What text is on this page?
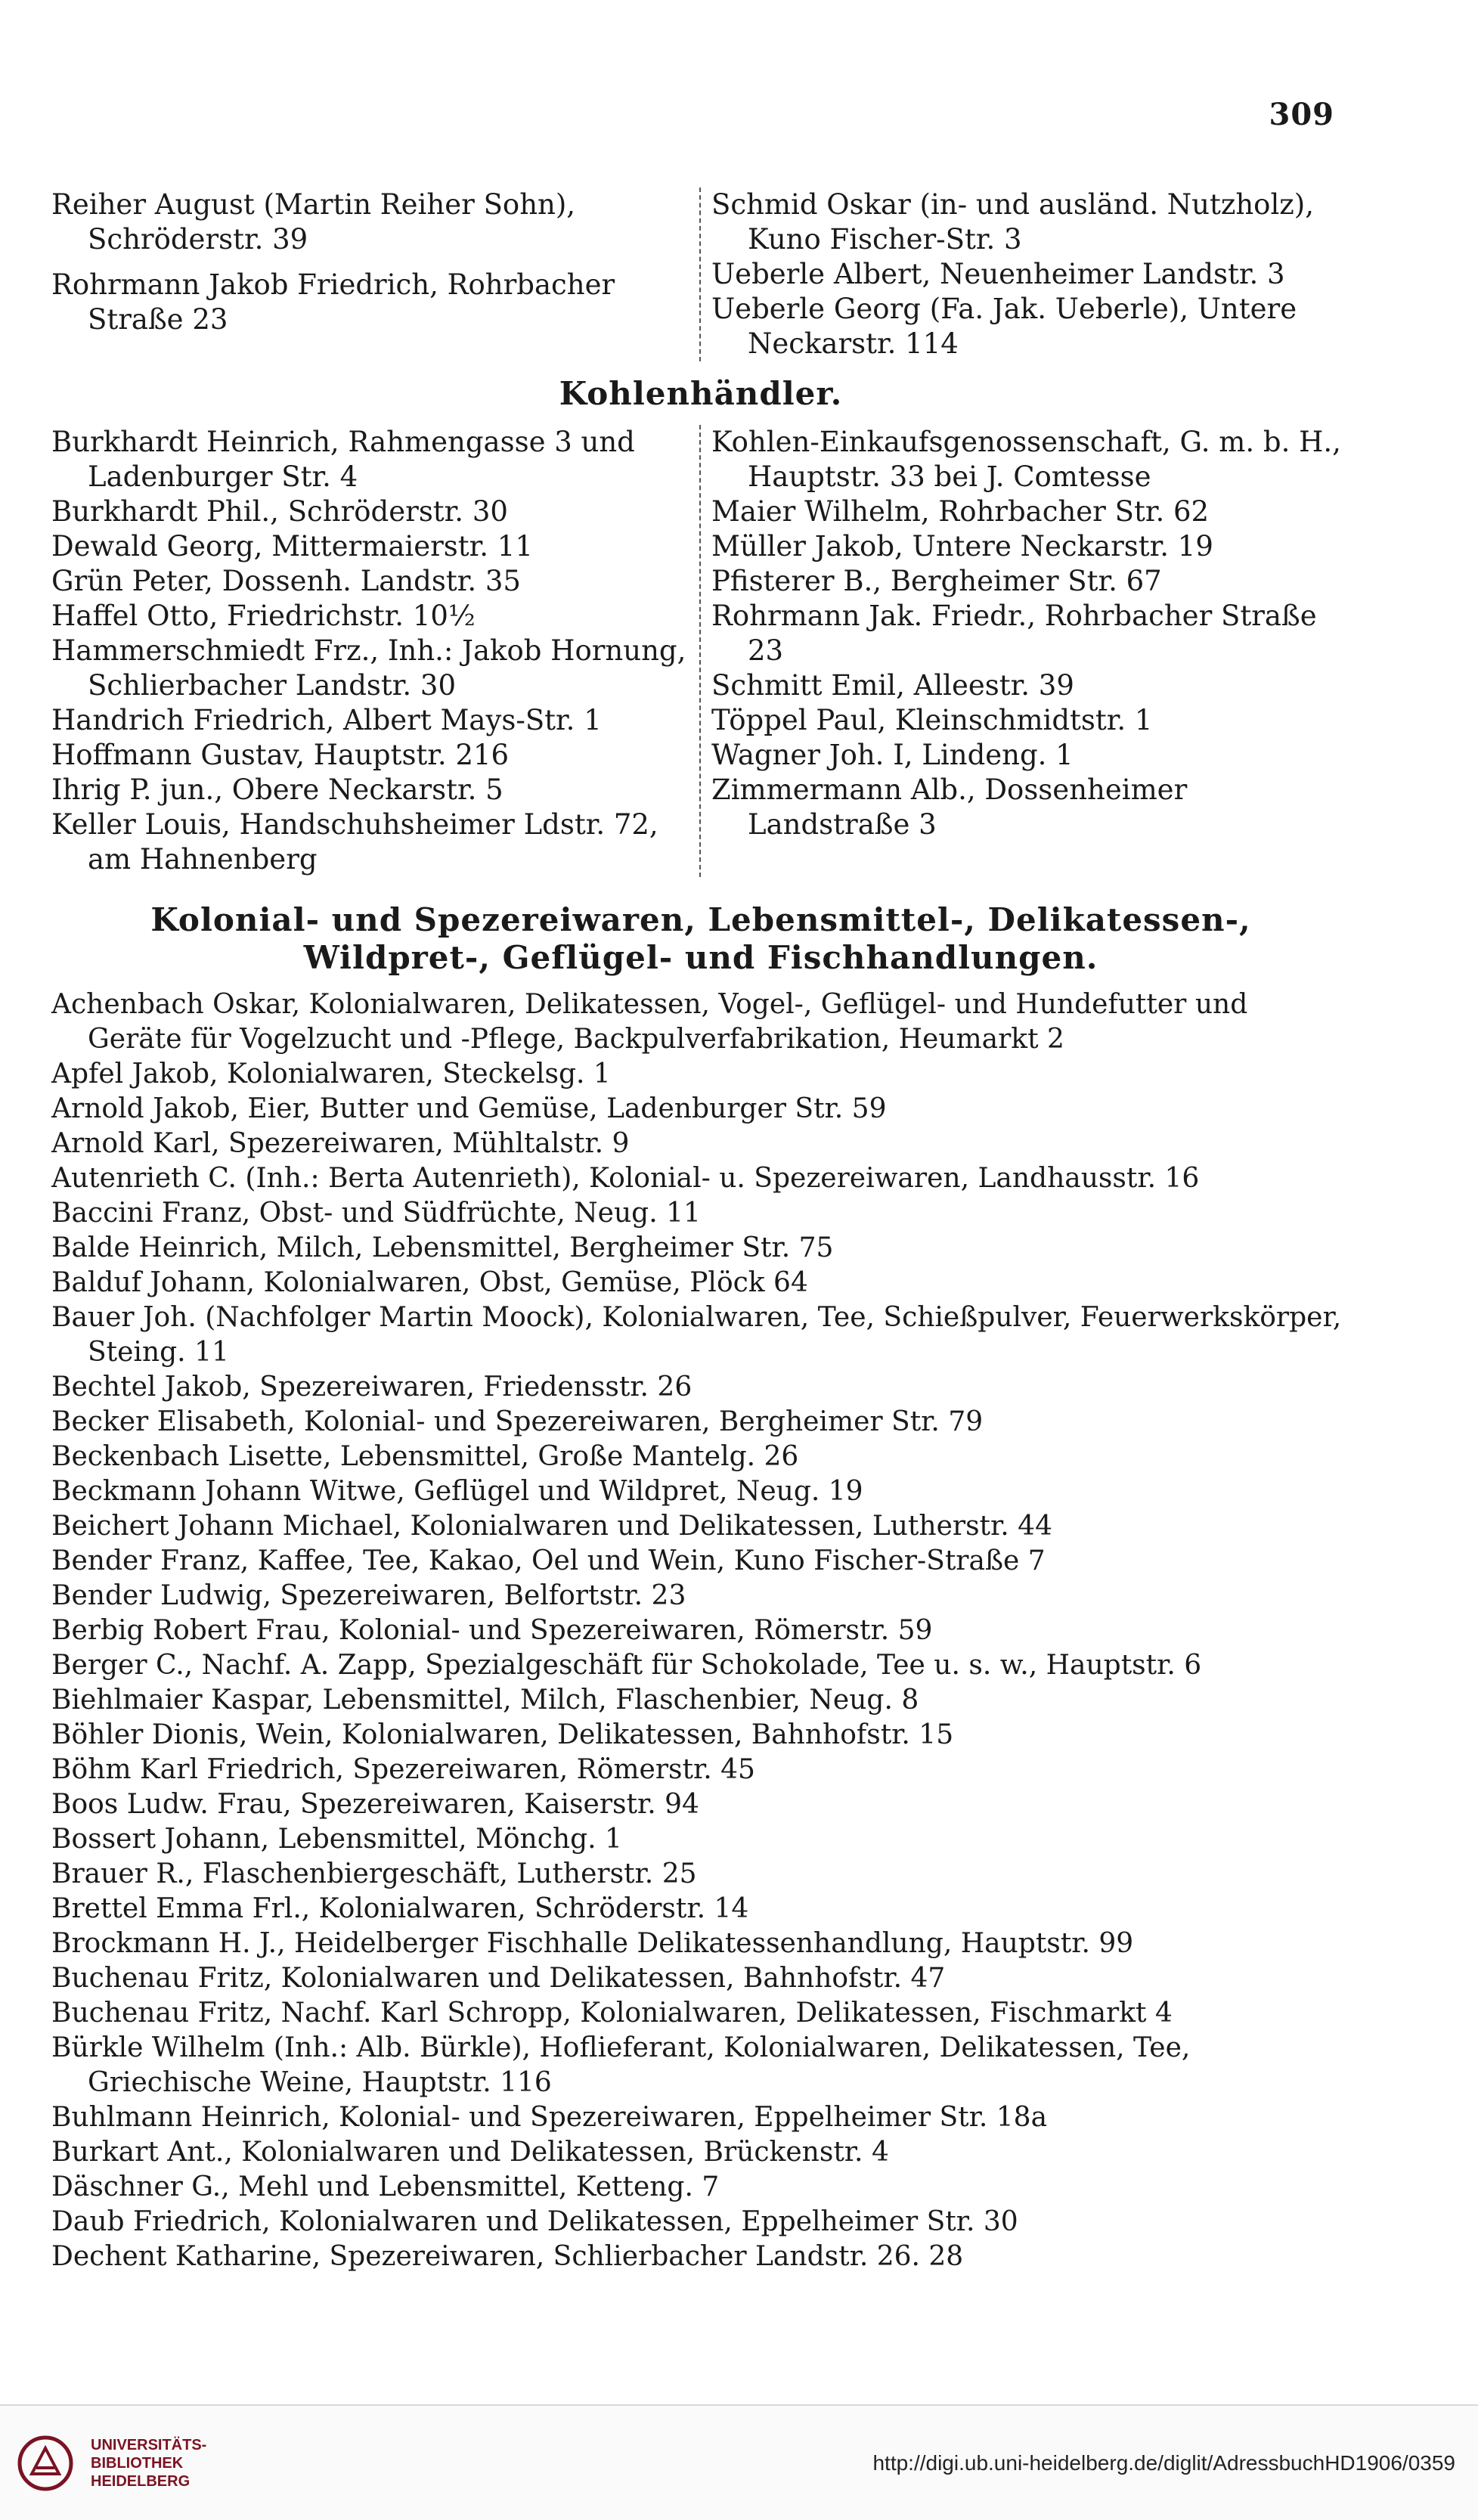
309
Reiher August (Martin Reiher Sohn), Schröderstr. 39
Rohrmann Jakob Friedrich, Rohrbacher Straße 23
Schmid Oskar (in- und ausländ. Nutzholz), Kuno Fischer-Str. 3
Ueberle Albert, Neuenheimer Landstr. 3
Ueberle Georg (Fa. Jak. Ueberle), Untere Neckarstr. 114
Kohlenhändler.
Burkhardt Heinrich, Rahmengasse 3 und Ladenburger Str. 4
Burkhardt Phil., Schröderstr. 30
Dewald Georg, Mittermaierstr. 11
Grün Peter, Dossenh. Landstr. 35
Haffel Otto, Friedrichstr. 10½
Hammerschmiedt Frz., Inh.: Jakob Hornung, Schlierbacher Landstr. 30
Handrich Friedrich, Albert Mays-Str. 1
Hoffmann Gustav, Hauptstr. 216
Ihrig P. jun., Obere Neckarstr. 5
Keller Louis, Handschuhsheimer Ldstr. 72, am Hahnenberg
Kohlen-Einkaufsgenossenschaft, G. m. b. H., Hauptstr. 33 bei J. Comtesse
Maier Wilhelm, Rohrbacher Str. 62
Müller Jakob, Untere Neckarstr. 19
Pfisterer B., Bergheimer Str. 67
Rohrmann Jak. Friedr., Rohrbacher Straße 23
Schmitt Emil, Alleestr. 39
Töppel Paul, Kleinschmidtstr. 1
Wagner Joh. I, Lindeng. 1
Zimmermann Alb., Dossenheimer Landstraße 3
Kolonial- und Spezereiwaren, Lebensmittel-, Delikatessen-, Wildpret-, Geflügel- und Fischhandlungen.
Achenbach Oskar, Kolonialwaren, Delikatessen, Vogel-, Geflügel- und Hundefutter und Geräte für Vogelzucht und -Pflege, Backpulverfabrikation, Heumarkt 2
Apfel Jakob, Kolonialwaren, Steckelsg. 1
Arnold Jakob, Eier, Butter und Gemüse, Ladenburger Str. 59
Arnold Karl, Spezereiwaren, Mühltalstr. 9
Autenrieth C. (Inh.: Berta Autenrieth), Kolonial- u. Spezereiwaren, Landhausstr. 16
Baccini Franz, Obst- und Südfrüchte, Neug. 11
Balde Heinrich, Milch, Lebensmittel, Bergheimer Str. 75
Balduf Johann, Kolonialwaren, Obst, Gemüse, Plöck 64
Bauer Joh. (Nachfolger Martin Moock), Kolonialwaren, Tee, Schießpulver, Feuerwerkskörper, Steing. 11
Bechtel Jakob, Spezereiwaren, Friedensstr. 26
Becker Elisabeth, Kolonial- und Spezereiwaren, Bergheimer Str. 79
Beckenbach Lisette, Lebensmittel, Große Mantelg. 26
Beckmann Johann Witwe, Geflügel und Wildpret, Neug. 19
Beichert Johann Michael, Kolonialwaren und Delikatessen, Lutherstr. 44
Bender Franz, Kaffee, Tee, Kakao, Oel und Wein, Kuno Fischer-Straße 7
Bender Ludwig, Spezereiwaren, Belfortstr. 23
Berbig Robert Frau, Kolonial- und Spezereiwaren, Römerstr. 59
Berger C., Nachf. A. Zapp, Spezialgeschäft für Schokolade, Tee u. s. w., Hauptstr. 6
Biehlmaier Kaspar, Lebensmittel, Milch, Flaschenbier, Neug. 8
Böhler Dionis, Wein, Kolonialwaren, Delikatessen, Bahnhofstr. 15
Böhm Karl Friedrich, Spezereiwaren, Römerstr. 45
Boos Ludw. Frau, Spezereiwaren, Kaiserstr. 94
Bossert Johann, Lebensmittel, Mönchg. 1
Brauer R., Flaschenbiergeschäft, Lutherstr. 25
Brettel Emma Frl., Kolonialwaren, Schröderstr. 14
Brockmann H. J., Heidelberger Fischhalle Delikatessenhandlung, Hauptstr. 99
Buchenau Fritz, Kolonialwaren und Delikatessen, Bahnhofstr. 47
Buchenau Fritz, Nachf. Karl Schropp, Kolonialwaren, Delikatessen, Fischmarkt 4
Bürkle Wilhelm (Inh.: Alb. Bürkle), Hoflieferant, Kolonialwaren, Delikatessen, Tee, Griechische Weine, Hauptstr. 116
Buhlmann Heinrich, Kolonial- und Spezereiwaren, Eppelheimer Str. 18a
Burkart Ant., Kolonialwaren und Delikatessen, Brückenstr. 4
Däschner G., Mehl und Lebensmittel, Ketteng. 7
Daub Friedrich, Kolonialwaren und Delikatessen, Eppelheimer Str. 30
Dechent Katharine, Spezereiwaren, Schlierbacher Landstr. 26. 28
UNIVERSITÄTS-
BIBLIOTHEK
HEIDELBERG
http://digi.ub.uni-heidelberg.de/diglit/AdressbuchHD1906/0359
